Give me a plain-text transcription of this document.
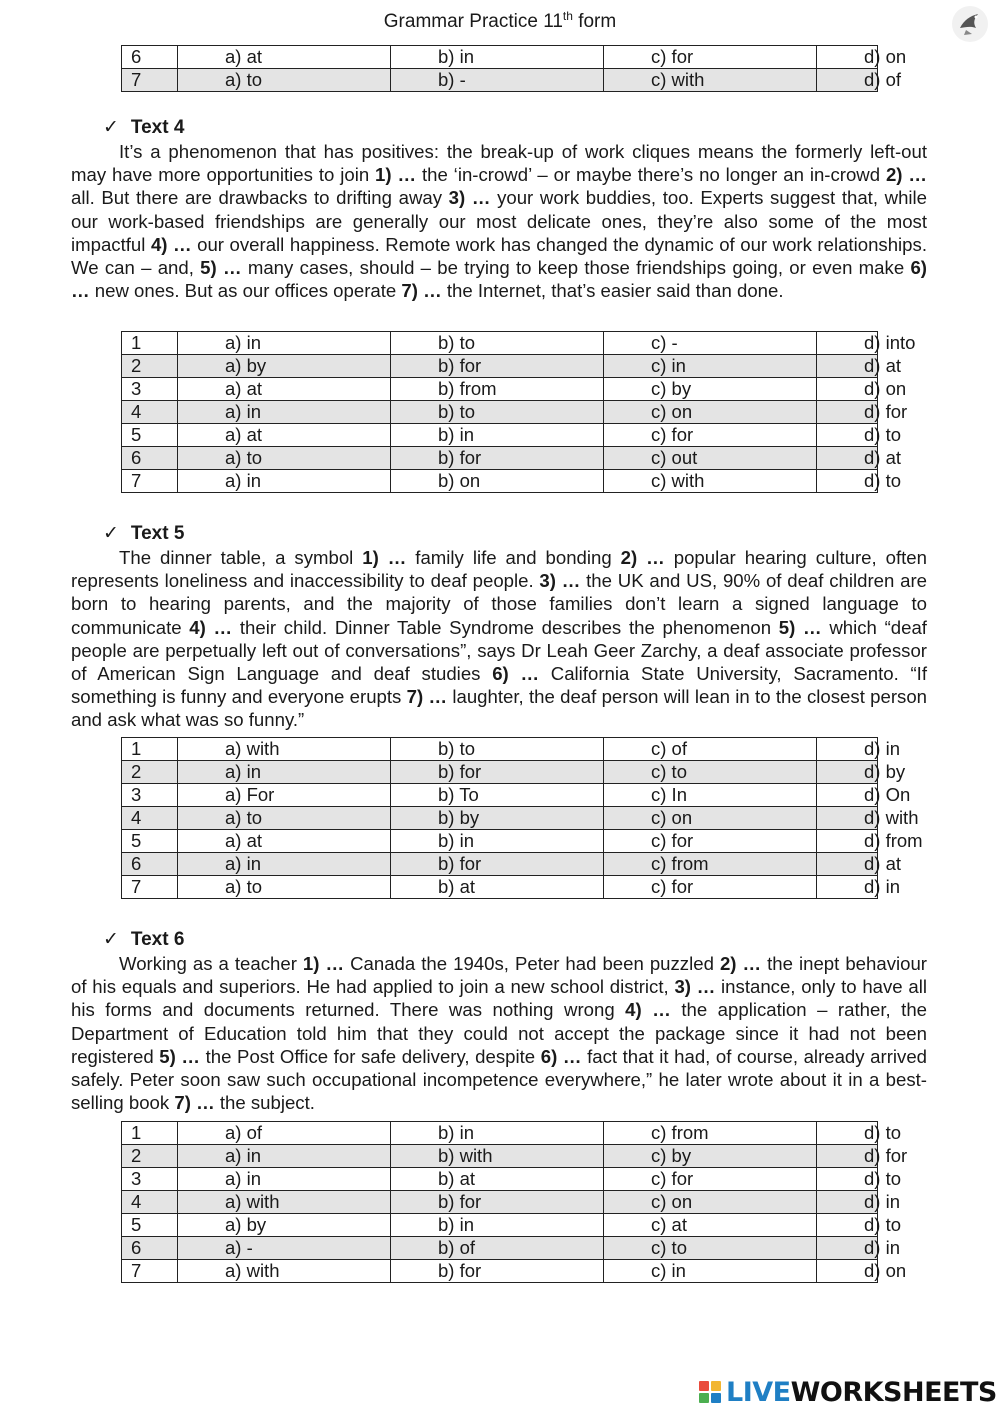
Grammar Practice 11th form
6	a) at	b) in	c) for	d) on
7	a) to	b) -	c) with	d) of

✓ Text 4

It’s a phenomenon that has positives: the break-up of work cliques means the formerly left-out may have more opportunities to join 1) … the ‘in-crowd’ – or maybe there’s no longer an in-crowd 2) … all. But there are drawbacks to drifting away 3) … your work buddies, too. Experts suggest that, while our work-based friendships are generally our most delicate ones, they’re also some of the most impactful 4) … our overall happiness. Remote work has changed the dynamic of our work relationships. We can – and, 5) … many cases, should – be trying to keep those friendships going, or even make 6) … new ones. But as our offices operate 7) … the Internet, that’s easier said than done.

1	a) in	b) to	c) -	d) into
2	a) by	b) for	c) in	d) at
3	a) at	b) from	c) by	d) on
4	a) in	b) to	c) on	d) for
5	a) at	b) in	c) for	d) to
6	a) to	b) for	c) out	d) at
7	a) in	b) on	c) with	d) to

✓ Text 5

The dinner table, a symbol 1) … family life and bonding 2) … popular hearing culture, often represents loneliness and inaccessibility to deaf people. 3) … the UK and US, 90% of deaf children are born to hearing parents, and the majority of those families don’t learn a signed language to communicate 4) … their child. Dinner Table Syndrome describes the phenomenon 5) … which “deaf people are perpetually left out of conversations”, says Dr Leah Geer Zarchy, a deaf associate professor of American Sign Language and deaf studies 6) … California State University, Sacramento. “If something is funny and everyone erupts 7) … laughter, the deaf person will lean in to the closest person and ask what was so funny.”

1	a) with	b) to	c) of	d) in
2	a) in	b) for	c) to	d) by
3	a) For	b) To	c) In	d) On
4	a) to	b) by	c) on	d) with
5	a) at	b) in	c) for	d) from
6	a) in	b) for	c) from	d) at
7	a) to	b) at	c) for	d) in

✓ Text 6

Working as a teacher 1) … Canada the 1940s, Peter had been puzzled 2) … the inept behaviour of his equals and superiors. He had applied to join a new school district, 3) … instance, only to have all his forms and documents returned. There was nothing wrong 4) … the application – rather, the Department of Education told him that they could not accept the package since it had not been registered 5) … the Post Office for safe delivery, despite 6) … fact that it had, of course, already arrived safely. Peter soon saw such occupational incompetence everywhere,” he later wrote about it in a best-selling book 7) … the subject.

1	a) of	b) in	c) from	d) to
2	a) in	b) with	c) by	d) for
3	a) in	b) at	c) for	d) to
4	a) with	b) for	c) on	d) in
5	a) by	b) in	c) at	d) to
6	a) -	b) of	c) to	d) in
7	a) with	b) for	c) in	d) on
LIVEWORKSHEETS
